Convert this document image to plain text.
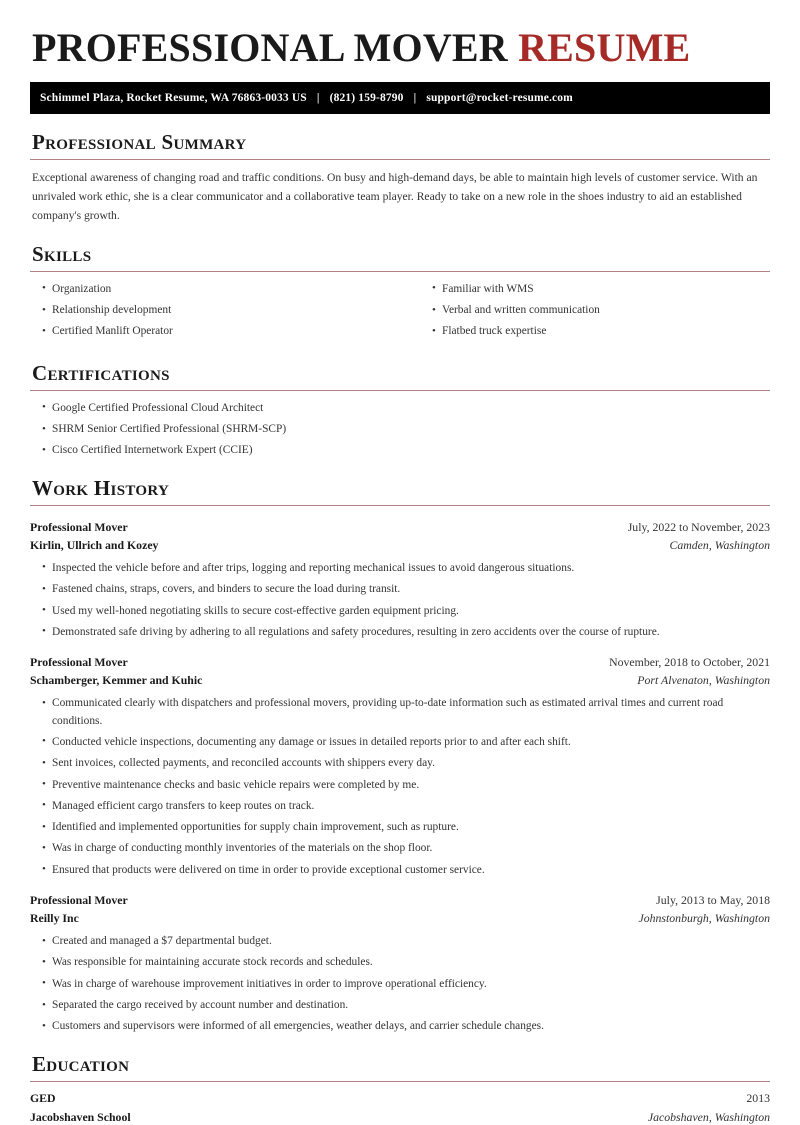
PROFESSIONAL MOVER RESUME
Schimmel Plaza, Rocket Resume, WA 76863-0033 US | (821) 159-8790 | support@rocket-resume.com
Professional Summary

Exceptional awareness of changing road and traffic conditions. On busy and high-demand days, be able to maintain high levels of customer service. With an unrivaled work ethic, she is a clear communicator and a collaborative team player. Ready to take on a new role in the shoes industry to aid an established company's growth.

Skills
• Organization
• Relationship development
• Certified Manlift Operator
• Familiar with WMS
• Verbal and written communication
• Flatbed truck expertise
Certifications
• Google Certified Professional Cloud Architect
• SHRM Senior Certified Professional (SHRM-SCP)
• Cisco Certified Internetwork Expert (CCIE)
Work History
Professional Mover	July, 2022 to November, 2023
Kirlin, Ullrich and Kozey	Camden, Washington
• Inspected the vehicle before and after trips, logging and reporting mechanical issues to avoid dangerous situations.
• Fastened chains, straps, covers, and binders to secure the load during transit.
• Used my well-honed negotiating skills to secure cost-effective garden equipment pricing.
• Demonstrated safe driving by adhering to all regulations and safety procedures, resulting in zero accidents over the course of rupture.
Professional Mover	November, 2018 to October, 2021
Schamberger, Kemmer and Kuhic	Port Alvenaton, Washington
• Communicated clearly with dispatchers and professional movers, providing up-to-date information such as estimated arrival times and current road conditions.
• Conducted vehicle inspections, documenting any damage or issues in detailed reports prior to and after each shift.
• Sent invoices, collected payments, and reconciled accounts with shippers every day.
• Preventive maintenance checks and basic vehicle repairs were completed by me.
• Managed efficient cargo transfers to keep routes on track.
• Identified and implemented opportunities for supply chain improvement, such as rupture.
• Was in charge of conducting monthly inventories of the materials on the shop floor.
• Ensured that products were delivered on time in order to provide exceptional customer service.
Professional Mover	July, 2013 to May, 2018
Reilly Inc	Johnstonburgh, Washington
• Created and managed a $7 departmental budget.
• Was responsible for maintaining accurate stock records and schedules.
• Was in charge of warehouse improvement initiatives in order to improve operational efficiency.
• Separated the cargo received by account number and destination.
• Customers and supervisors were informed of all emergencies, weather delays, and carrier schedule changes.
Education
GED	2013
Jacobshaven School	Jacobshaven, Washington
